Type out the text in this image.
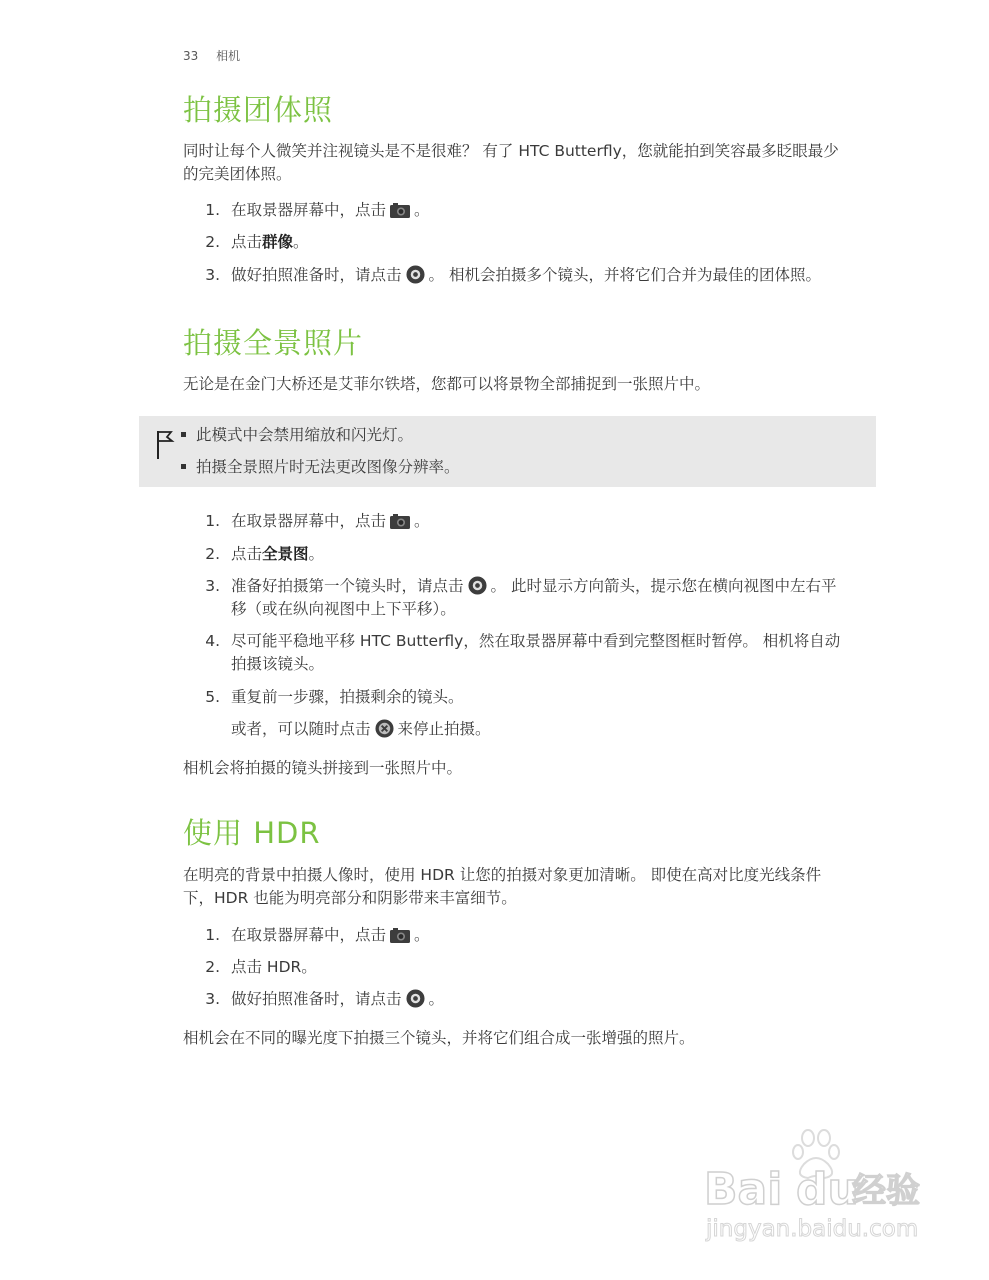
33 相机
拍摄团体照

同时让每个人微笑并注视镜头是不是很难？ 有了 HTC Butterfly，您就能拍到笑容最多眨眼最少
的完美团体照。

1. 在取景器屏幕中，点击 。
2. 点击群像。
3. 做好拍照准备时，请点击 。 相机会拍摄多个镜头，并将它们合并为最佳的团体照。
拍摄全景照片

无论是在金门大桥还是艾菲尔铁塔，您都可以将景物全部捕捉到一张照片中。

此模式中会禁用缩放和闪光灯。
拍摄全景照片时无法更改图像分辨率。
1. 在取景器屏幕中，点击 。
2. 点击全景图。
3. 准备好拍摄第一个镜头时，请点击 。 此时显示方向箭头，提示您在横向视图中左右平
移（或在纵向视图中上下平移）。
4. 尽可能平稳地平移 HTC Butterfly，然在取景器屏幕中看到完整图框时暂停。 相机将自动
拍摄该镜头。
5. 重复前一步骤，拍摄剩余的镜头。
或者，可以随时点击 来停止拍摄。

相机会将拍摄的镜头拼接到一张照片中。

使用 HDR

在明亮的背景中拍摄人像时，使用 HDR 让您的拍摄对象更加清晰。 即使在高对比度光线条件
下，HDR 也能为明亮部分和阴影带来丰富细节。

1. 在取景器屏幕中，点击 。
2. 点击 HDR。
3. 做好拍照准备时，请点击 。

相机会在不同的曝光度下拍摄三个镜头，并将它们组合成一张增强的照片。

Bai du
经验
jingyan.baidu.com
